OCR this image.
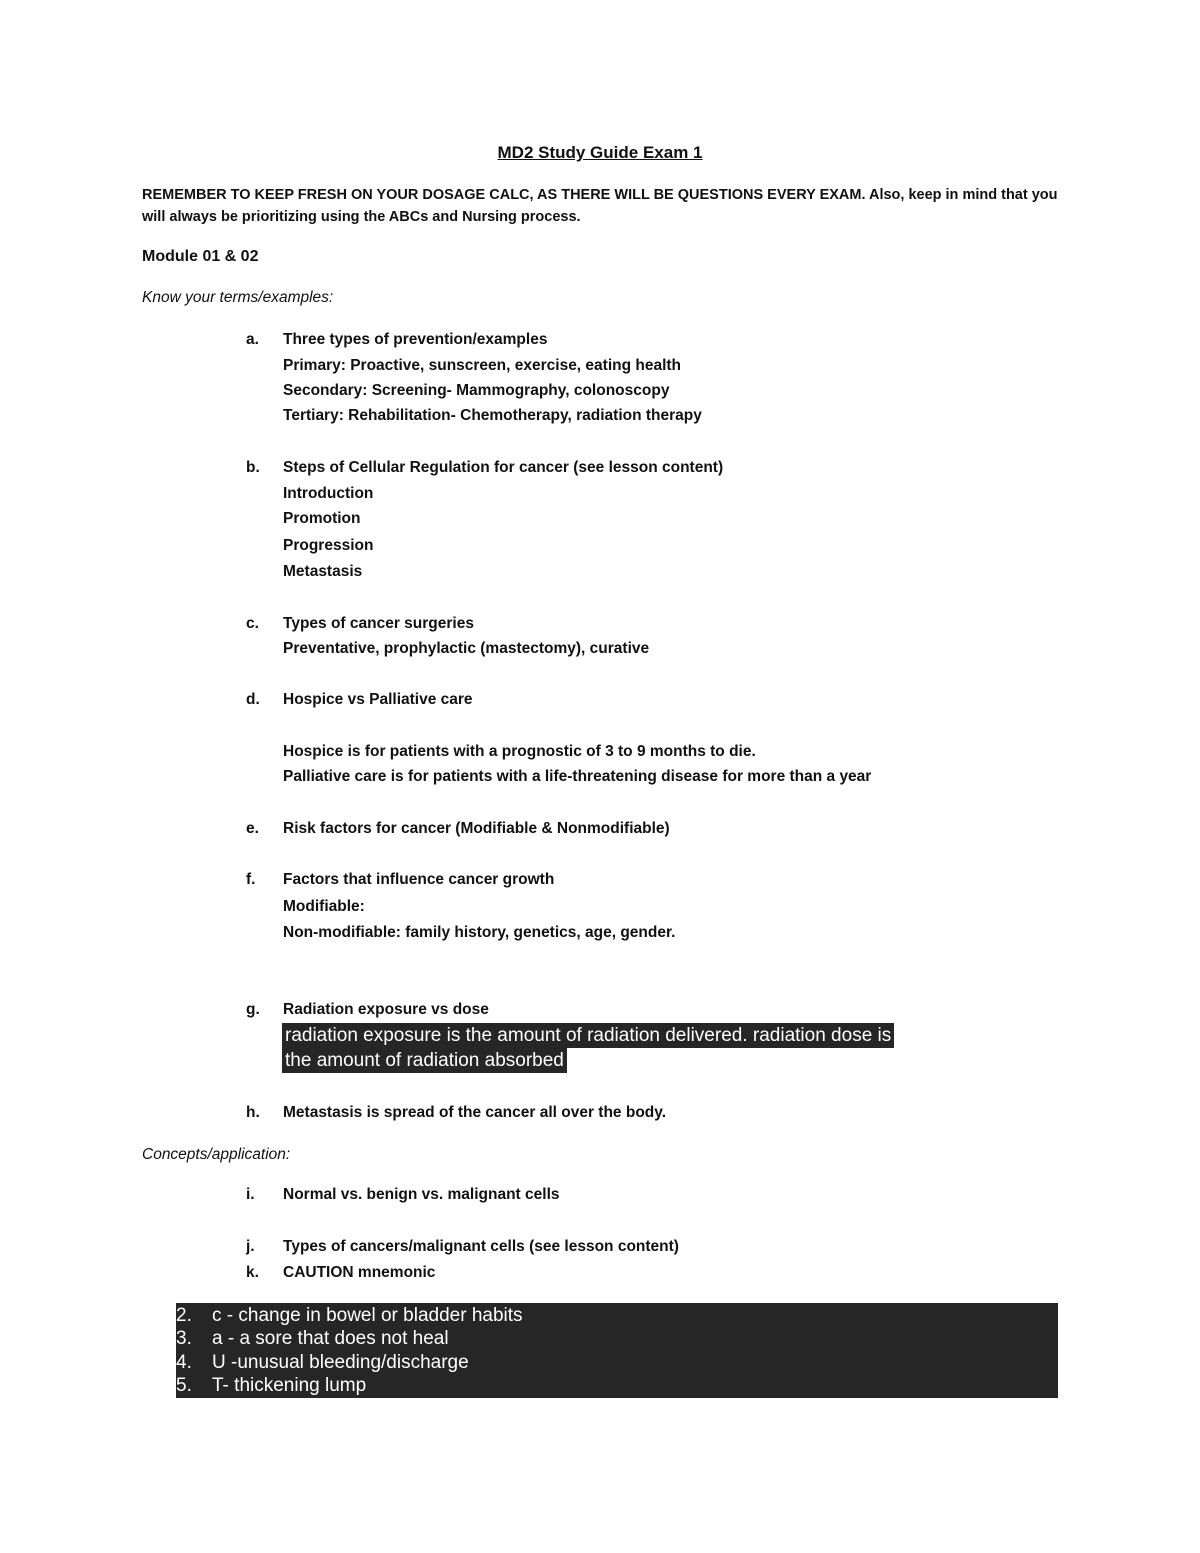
MD2 Study Guide Exam 1
REMEMBER TO KEEP FRESH ON YOUR DOSAGE CALC, AS THERE WILL BE QUESTIONS EVERY EXAM. Also, keep in mind that you will always be prioritizing using the ABCs and Nursing process.
Module 01 & 02
Know your terms/examples:
a. Three types of prevention/examples
Primary: Proactive, sunscreen, exercise, eating health
Secondary: Screening- Mammography, colonoscopy
Tertiary: Rehabilitation- Chemotherapy, radiation therapy
b. Steps of Cellular Regulation for cancer (see lesson content)
Introduction
Promotion
Progression
Metastasis
c. Types of cancer surgeries
Preventative, prophylactic (mastectomy), curative
d. Hospice vs Palliative care
Hospice is for patients with a prognostic of 3 to 9 months to die.
Palliative care is for patients with a life-threatening disease for more than a year
e. Risk factors for cancer (Modifiable & Nonmodifiable)
f. Factors that influence cancer growth
Modifiable:
Non-modifiable: family history, genetics, age, gender.
g. Radiation exposure vs dose
radiation exposure is the amount of radiation delivered. radiation dose is
the amount of radiation absorbed
h. Metastasis is spread of the cancer all over the body.
Concepts/application:
i. Normal vs. benign vs. malignant cells
j. Types of cancers/malignant cells (see lesson content)
k. CAUTION mnemonic
2. c - change in bowel or bladder habits
3. a - a sore that does not heal
4. U -unusual bleeding/discharge
5. T- thickening lump
